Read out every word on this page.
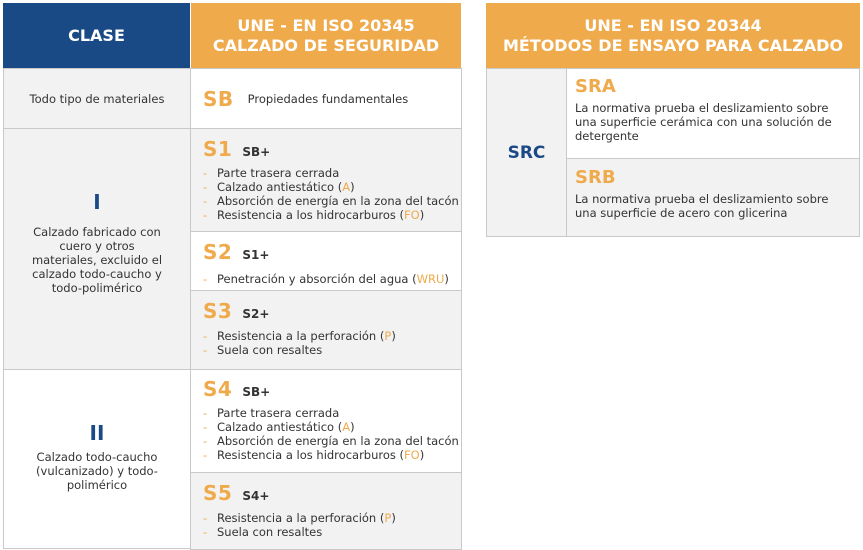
CLASE
UNE - EN ISO 20345
CALZADO DE SEGURIDAD
Todo tipo de materiales SB Propiedades fundamentales
I
Calzado fabricado con cuero y otros materiales, excluido el calzado todo-caucho y todo-polimérico
S1 SB+
- Parte trasera cerrada
- Calzado antiestático (A)
- Absorción de energía en la zona del tacón
- Resistencia a los hidrocarburos (FO)
S2 S1+
- Penetración y absorción del agua (WRU)
S3 S2+
- Resistencia a la perforación (P)
- Suela con resaltes
II
Calzado todo-caucho (vulcanizado) y todo-polimérico
S4 SB+
- Parte trasera cerrada
- Calzado antiestático (A)
- Absorción de energía en la zona del tacón
- Resistencia a los hidrocarburos (FO)
S5 S4+
- Resistencia a la perforación (P)
- Suela con resaltes
UNE - EN ISO 20344
MÉTODOS DE ENSAYO PARA CALZADO
SRC
SRA
La normativa prueba el deslizamiento sobre una superficie cerámica con una solución de detergente
SRB
La normativa prueba el deslizamiento sobre una superficie de acero con glicerina
